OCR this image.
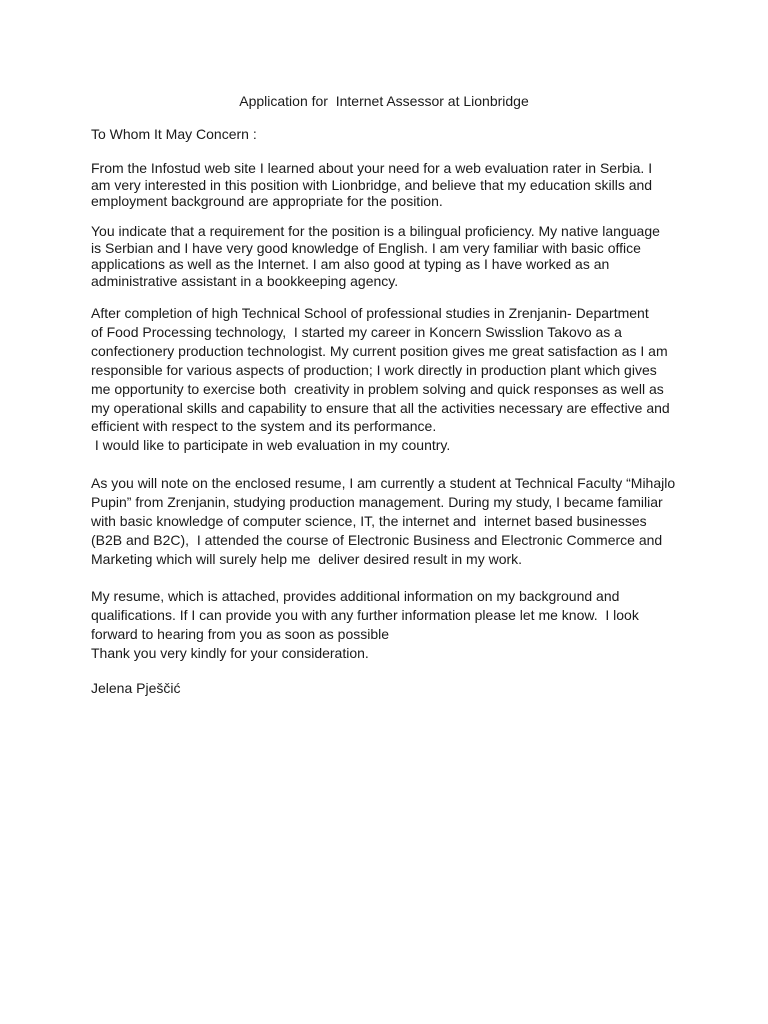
Application for  Internet Assessor at Lionbridge

To Whom It May Concern :

From the Infostud web site I learned about your need for a web evaluation rater in Serbia. I
am very interested in this position with Lionbridge, and believe that my education skills and
employment background are appropriate for the position.

You indicate that a requirement for the position is a bilingual proficiency. My native language
is Serbian and I have very good knowledge of English. I am very familiar with basic office
applications as well as the Internet. I am also good at typing as I have worked as an
administrative assistant in a bookkeeping agency.

After completion of high Technical School of professional studies in Zrenjanin- Department
of Food Processing technology,  I started my career in Koncern Swisslion Takovo as a
confectionery production technologist. My current position gives me great satisfaction as I am
responsible for various aspects of production; I work directly in production plant which gives
me opportunity to exercise both  creativity in problem solving and quick responses as well as
my operational skills and capability to ensure that all the activities necessary are effective and
efficient with respect to the system and its performance.
I would like to participate in web evaluation in my country.

As you will note on the enclosed resume, I am currently a student at Technical Faculty “Mihajlo
Pupin” from Zrenjanin, studying production management. During my study, I became familiar
with basic knowledge of computer science, IT, the internet and  internet based businesses
(B2B and B2C),  I attended the course of Electronic Business and Electronic Commerce and
Marketing which will surely help me  deliver desired result in my work.

My resume, which is attached, provides additional information on my background and
qualifications. If I can provide you with any further information please let me know.  I look
forward to hearing from you as soon as possible
Thank you very kindly for your consideration.

Jelena Pješčić
